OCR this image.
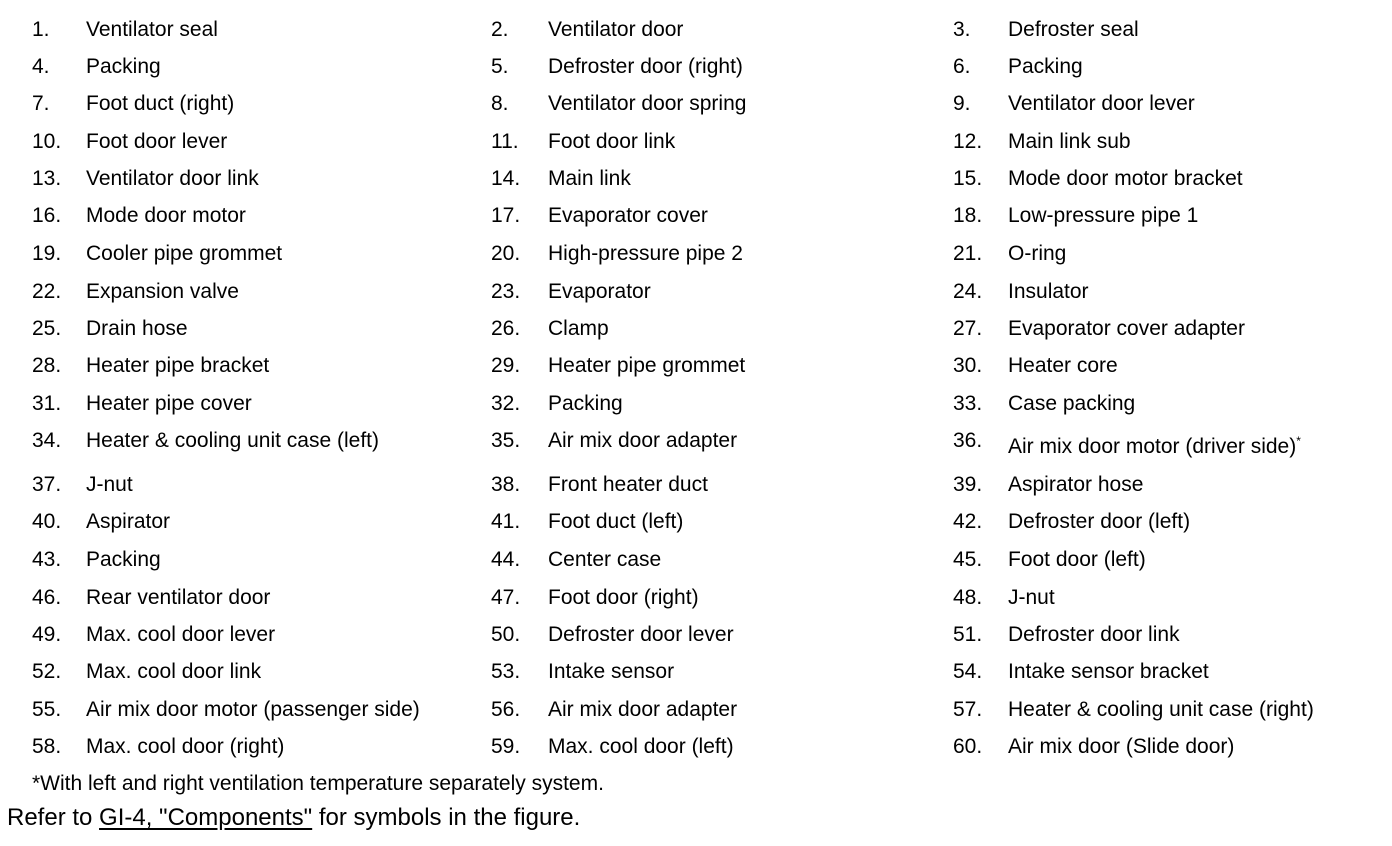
1. Ventilator seal	2. Ventilator door	3. Defroster seal
4. Packing	5. Defroster door (right)	6. Packing
7. Foot duct (right)	8. Ventilator door spring	9. Ventilator door lever
10. Foot door lever	11. Foot door link	12. Main link sub
13. Ventilator door link	14. Main link	15. Mode door motor bracket
16. Mode door motor	17. Evaporator cover	18. Low-pressure pipe 1
19. Cooler pipe grommet	20. High-pressure pipe 2	21. O-ring
22. Expansion valve	23. Evaporator	24. Insulator
25. Drain hose	26. Clamp	27. Evaporator cover adapter
28. Heater pipe bracket	29. Heater pipe grommet	30. Heater core
31. Heater pipe cover	32. Packing	33. Case packing
34. Heater & cooling unit case (left)	35. Air mix door adapter	36. Air mix door motor (driver side)*
37. J-nut	38. Front heater duct	39. Aspirator hose
40. Aspirator	41. Foot duct (left)	42. Defroster door (left)
43. Packing	44. Center case	45. Foot door (left)
46. Rear ventilator door	47. Foot door (right)	48. J-nut
49. Max. cool door lever	50. Defroster door lever	51. Defroster door link
52. Max. cool door link	53. Intake sensor	54. Intake sensor bracket
55. Air mix door motor (passenger side)	56. Air mix door adapter	57. Heater & cooling unit case (right)
58. Max. cool door (right)	59. Max. cool door (left)	60. Air mix door (Slide door)
*With left and right ventilation temperature separately system.
Refer to GI-4, "Components" for symbols in the figure.
